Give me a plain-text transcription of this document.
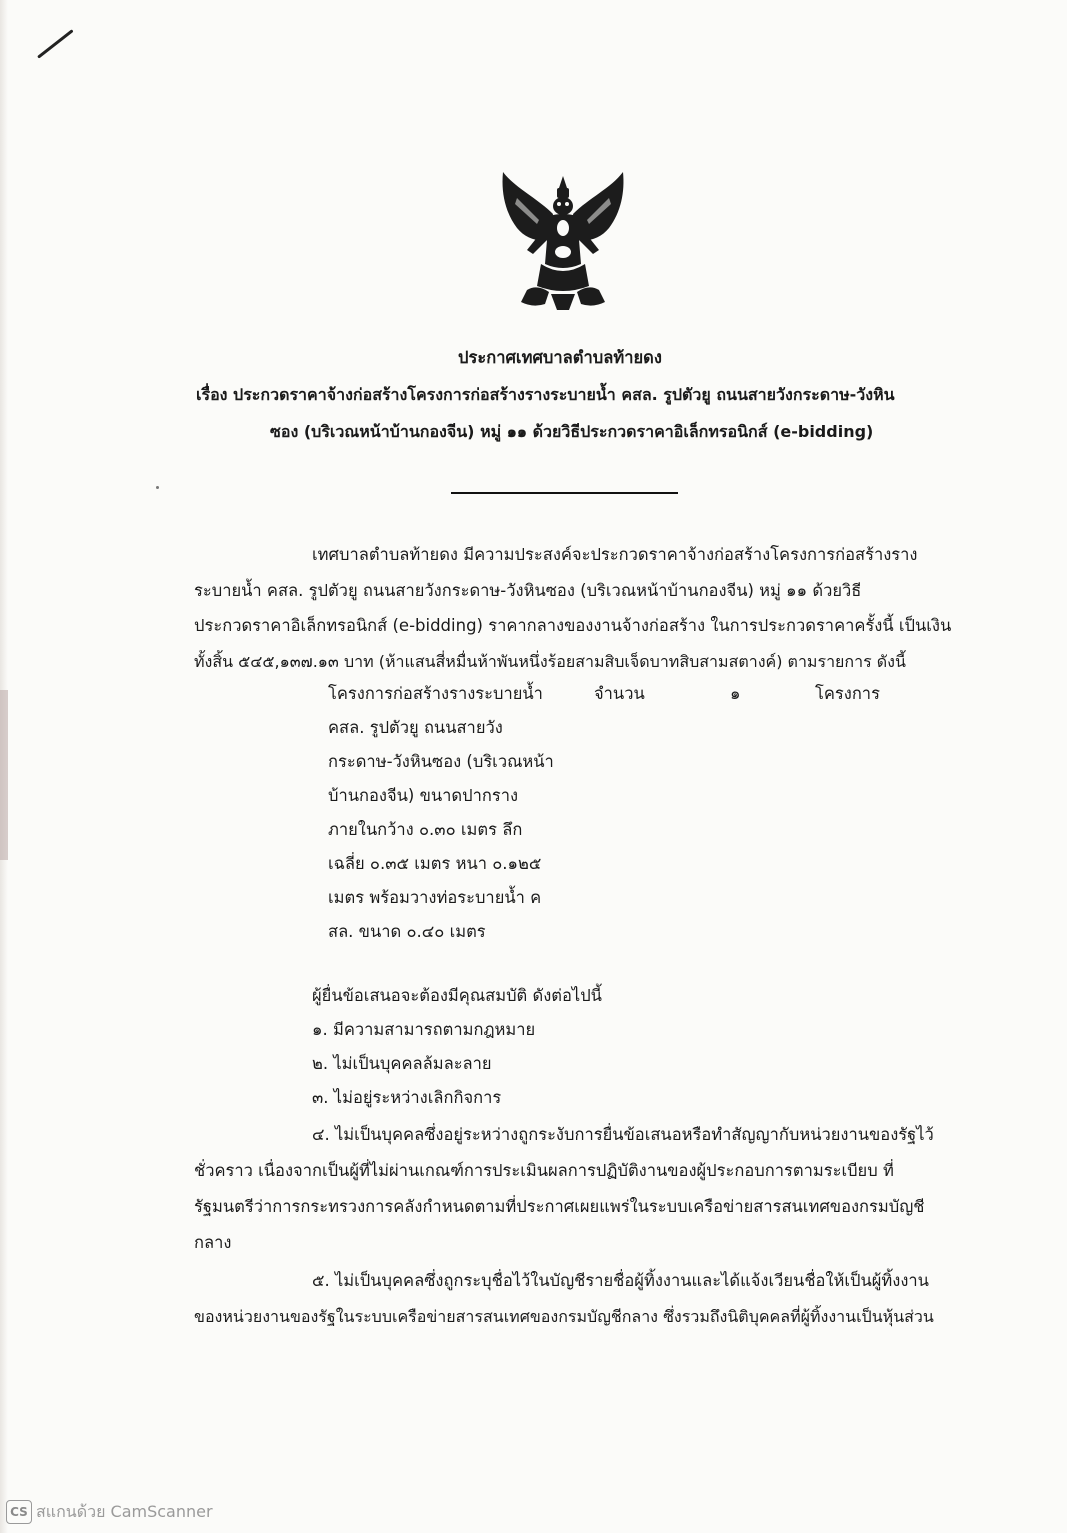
ประกาศเทศบาลตำบลท้ายดง
เรื่อง ประกวดราคาจ้างก่อสร้างโครงการก่อสร้างรางระบายน้ำ คสล. รูปตัวยู ถนนสายวังกระดาษ-วังหิน
ซอง (บริเวณหน้าบ้านกองจีน) หมู่ ๑๑ ด้วยวิธีประกวดราคาอิเล็กทรอนิกส์ (e-bidding)
เทศบาลตำบลท้ายดง มีความประสงค์จะประกวดราคาจ้างก่อสร้างโครงการก่อสร้างราง
ระบายน้ำ คสล. รูปตัวยู ถนนสายวังกระดาษ-วังหินซอง (บริเวณหน้าบ้านกองจีน) หมู่ ๑๑ ด้วยวิธี
ประกวดราคาอิเล็กทรอนิกส์ (e-bidding) ราคากลางของงานจ้างก่อสร้าง ในการประกวดราคาครั้งนี้ เป็นเงิน
ทั้งสิ้น ๕๔๕,๑๓๗.๑๓ บาท (ห้าแสนสี่หมื่นห้าพันหนึ่งร้อยสามสิบเจ็ดบาทสิบสามสตางค์) ตามรายการ ดังนี้
โครงการก่อสร้างรางระบายน้ำ	จำนวน	๑	โครงการ
คสล. รูปตัวยู ถนนสายวัง
กระดาษ-วังหินซอง (บริเวณหน้า
บ้านกองจีน) ขนาดปากราง
ภายในกว้าง ๐.๓๐ เมตร ลึก
เฉลี่ย ๐.๓๕ เมตร หนา ๐.๑๒๕
เมตร พร้อมวางท่อระบายน้ำ ค
สล. ขนาด ๐.๔๐ เมตร
ผู้ยื่นข้อเสนอจะต้องมีคุณสมบัติ ดังต่อไปนี้
๑. มีความสามารถตามกฎหมาย
๒. ไม่เป็นบุคคลล้มละลาย
๓. ไม่อยู่ระหว่างเลิกกิจการ
๔. ไม่เป็นบุคคลซึ่งอยู่ระหว่างถูกระงับการยื่นข้อเสนอหรือทำสัญญากับหน่วยงานของรัฐไว้
ชั่วคราว เนื่องจากเป็นผู้ที่ไม่ผ่านเกณฑ์การประเมินผลการปฏิบัติงานของผู้ประกอบการตามระเบียบ ที่
รัฐมนตรีว่าการกระทรวงการคลังกำหนดตามที่ประกาศเผยแพร่ในระบบเครือข่ายสารสนเทศของกรมบัญชี
กลาง
๕. ไม่เป็นบุคคลซึ่งถูกระบุชื่อไว้ในบัญชีรายชื่อผู้ทิ้งงานและได้แจ้งเวียนชื่อให้เป็นผู้ทิ้งงาน
ของหน่วยงานของรัฐในระบบเครือข่ายสารสนเทศของกรมบัญชีกลาง ซึ่งรวมถึงนิติบุคคลที่ผู้ทิ้งงานเป็นหุ้นส่วน
CS สแกนด้วย CamScanner
